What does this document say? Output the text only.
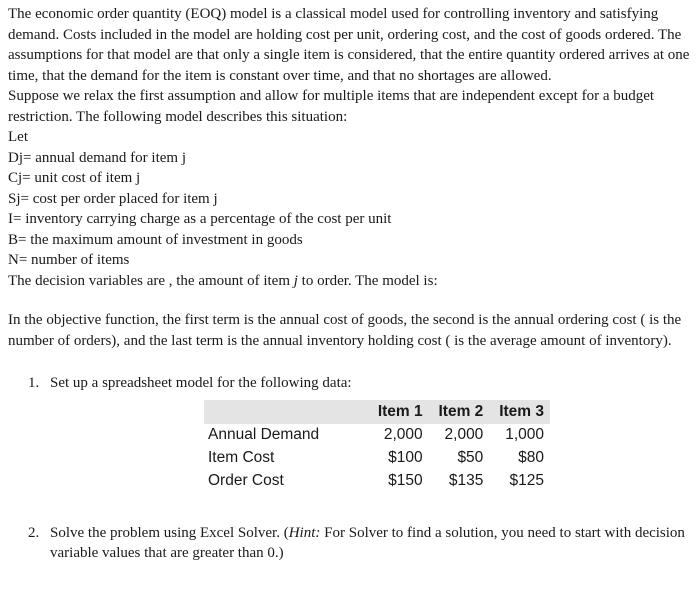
The economic order quantity (EOQ) model is a classical model used for controlling inventory and satisfying demand. Costs included in the model are holding cost per unit, ordering cost, and the cost of goods ordered. The assumptions for that model are that only a single item is considered, that the entire quantity ordered arrives at one time, that the demand for the item is constant over time, and that no shortages are allowed.

Suppose we relax the first assumption and allow for multiple items that are independent except for a budget restriction. The following model describes this situation:

Let

Dj= annual demand for item j

Cj= unit cost of item j

Sj= cost per order placed for item j

I= inventory carrying charge as a percentage of the cost per unit

B= the maximum amount of investment in goods

N= number of items

The decision variables are , the amount of item j to order. The model is:

In the objective function, the first term is the annual cost of goods, the second is the annual ordering cost ( is the number of orders), and the last term is the annual inventory holding cost ( is the average amount of inventory).

1. Set up a spreadsheet model for the following data:
	Item 1	Item 2	Item 3
Annual Demand	2,000	2,000	1,000
Item Cost	$100	$50	$80
Order Cost	$150	$135	$125
2. Solve the problem using Excel Solver. (Hint: For Solver to find a solution, you need to start with decision variable values that are greater than 0.)
